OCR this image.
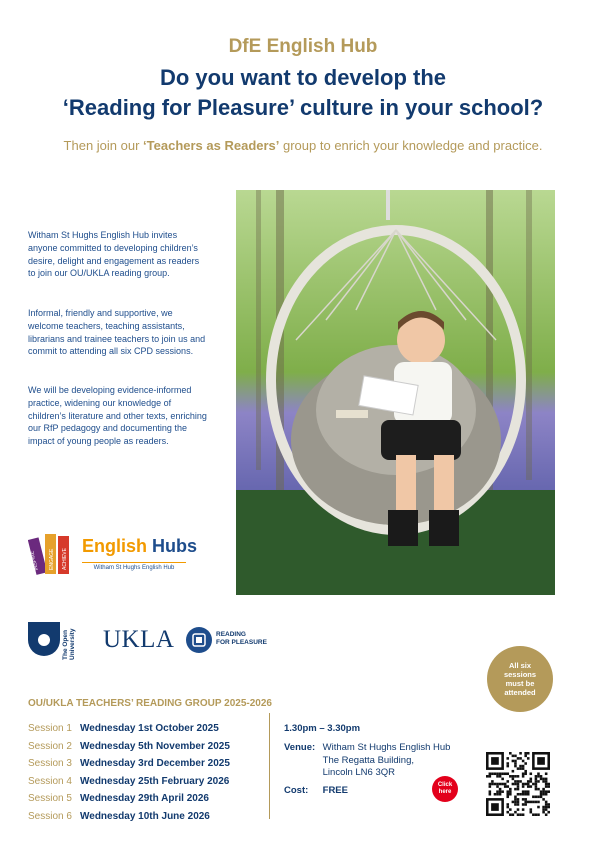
DfE English Hub
Do you want to develop the
‘Reading for Pleasure’ culture in your school?
Then join our ‘Teachers as Readers’ group to enrich your knowledge and practice.

Witham St Hughs English Hub invites anyone committed to developing children’s desire, delight and engagement as readers to join our OU/UKLA reading group.

Informal, friendly and supportive, we welcome teachers, teaching assistants, librarians and trainee teachers to join us and commit to attending all six CPD sessions.

We will be developing evidence-informed practice, widening our knowledge of children’s literature and other texts, enriching our RfP pedagogy and documenting the impact of young people as readers.

INSPIRE ENGAGE ACHIEVE
English Hubs
Witham St Hughs English Hub
The Open University UKLA	READING
FOR PLEASURE
All six
sessions
must be
attended
OU/UKLA TEACHERS’ READING GROUP 2025-2026
Session 1 Wednesday 1st October 2025
Session 2 Wednesday 5th November 2025
Session 3 Wednesday 3rd December 2025
Session 4 Wednesday 25th February 2026
Session 5 Wednesday 29th April 2026
Session 6 Wednesday 10th June 2026
1.30pm – 3.30pm
Venue: Witham St Hughs English Hub
The Regatta Building,
Lincoln LN6 3QR
Cost: FREE	Click
here
